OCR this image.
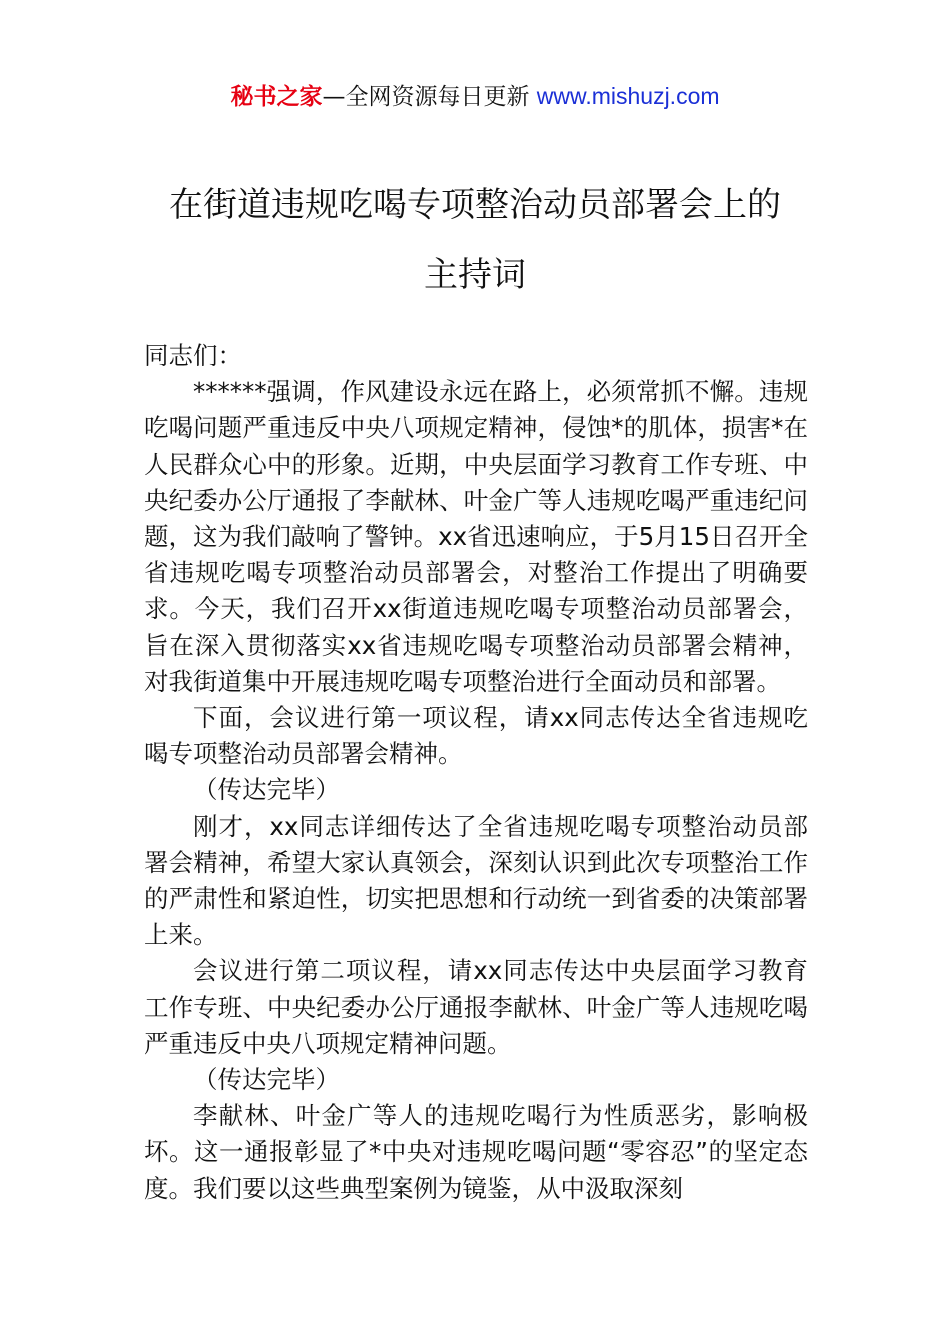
秘书之家—全网资源每日更新 www.mishuzj.com
在街道违规吃喝专项整治动员部署会上的
主持词

同志们：

******强调，作风建设永远在路上，必须常抓不懈。违规吃喝问题严重违反中央八项规定精神，侵蚀*的肌体，损害*在人民群众心中的形象。近期，中央层面学习教育工作专班、中央纪委办公厅通报了李献林、叶金广等人违规吃喝严重违纪问题，这为我们敲响了警钟。xx省迅速响应，于5月15日召开全省违规吃喝专项整治动员部署会，对整治工作提出了明确要求。今天，我们召开xx街道违规吃喝专项整治动员部署会，旨在深入贯彻落实xx省违规吃喝专项整治动员部署会精神，对我街道集中开展违规吃喝专项整治进行全面动员和部署。

下面，会议进行第一项议程，请xx同志传达全省违规吃喝专项整治动员部署会精神。

（传达完毕）

刚才，xx同志详细传达了全省违规吃喝专项整治动员部署会精神，希望大家认真领会，深刻认识到此次专项整治工作的严肃性和紧迫性，切实把思想和行动统一到省委的决策部署上来。

会议进行第二项议程，请xx同志传达中央层面学习教育工作专班、中央纪委办公厅通报李献林、叶金广等人违规吃喝严重违反中央八项规定精神问题。

（传达完毕）

李献林、叶金广等人的违规吃喝行为性质恶劣，影响极坏。这一通报彰显了*中央对违规吃喝问题“零容忍”的坚定态度。我们要以这些典型案例为镜鉴，从中汲取深刻
